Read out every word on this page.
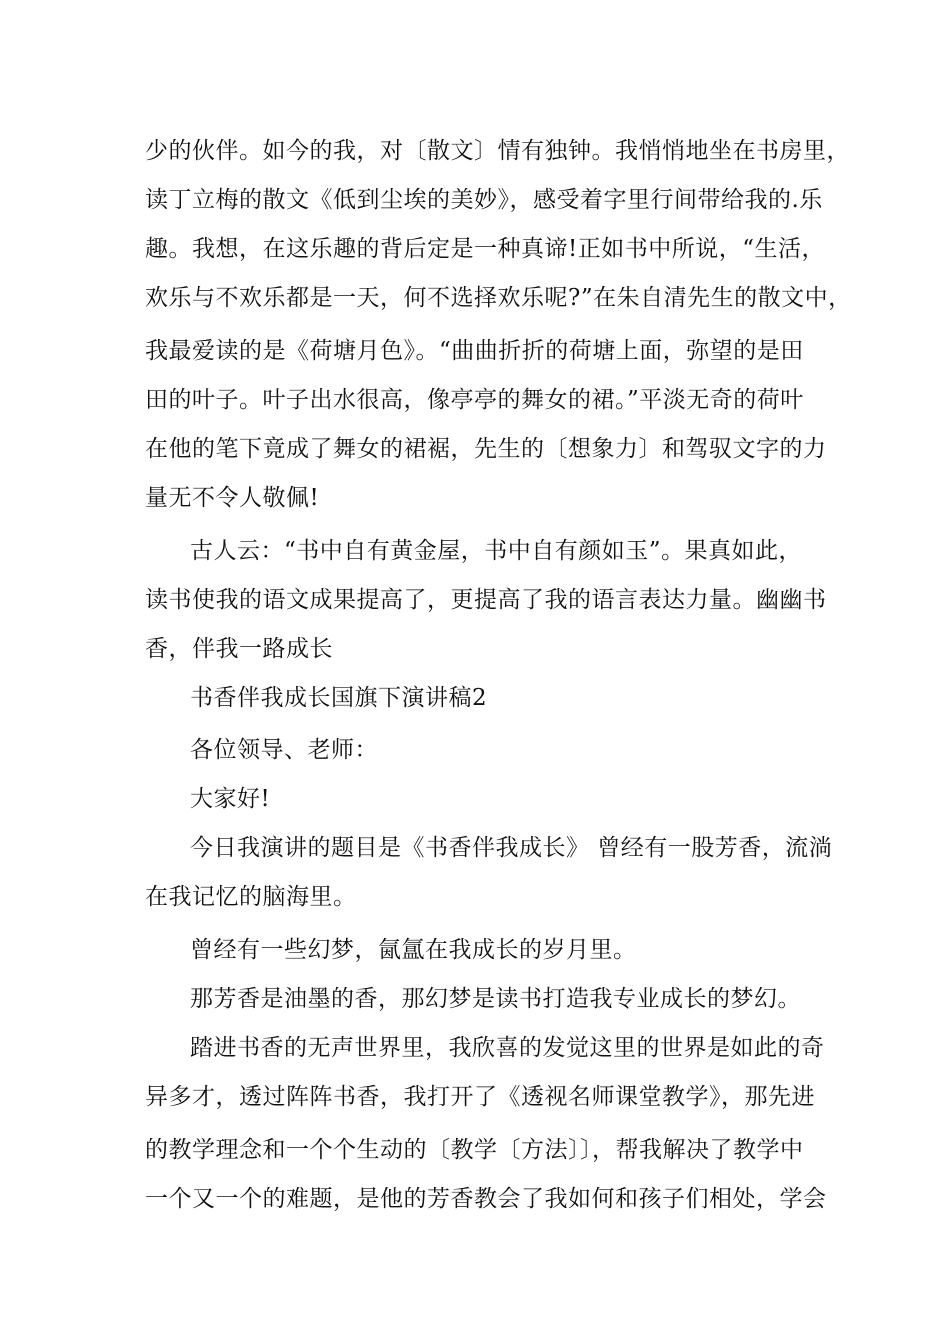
少的伙伴。如今的我，对〔散文〕情有独钟。我悄悄地坐在书房里，
读丁立梅的散文《低到尘埃的美妙》，感受着字里行间带给我的.乐
趣。我想，在这乐趣的背后定是一种真谛!正如书中所说，“生活，
欢乐与不欢乐都是一天，何不选择欢乐呢?”在朱自清先生的散文中，
我最爱读的是《荷塘月色》。“曲曲折折的荷塘上面，弥望的是田
田的叶子。叶子出水很高，像亭亭的舞女的裙。”平淡无奇的荷叶
在他的笔下竟成了舞女的裙裾，先生的〔想象力〕和驾驭文字的力
量无不令人敬佩!
古人云：“书中自有黄金屋，书中自有颜如玉”。果真如此，
读书使我的语文成果提高了，更提高了我的语言表达力量。幽幽书
香，伴我一路成长
书香伴我成长国旗下演讲稿2
各位领导、老师：
大家好!
今日我演讲的题目是《书香伴我成长》 曾经有一股芳香，流淌
在我记忆的脑海里。
曾经有一些幻梦，氤氲在我成长的岁月里。
那芳香是油墨的香，那幻梦是读书打造我专业成长的梦幻。
踏进书香的无声世界里，我欣喜的发觉这里的世界是如此的奇
异多才，透过阵阵书香，我打开了《透视名师课堂教学》，那先进
的教学理念和一个个生动的〔教学〔方法〕〕，帮我解决了教学中
一个又一个的难题，是他的芳香教会了我如何和孩子们相处，学会
